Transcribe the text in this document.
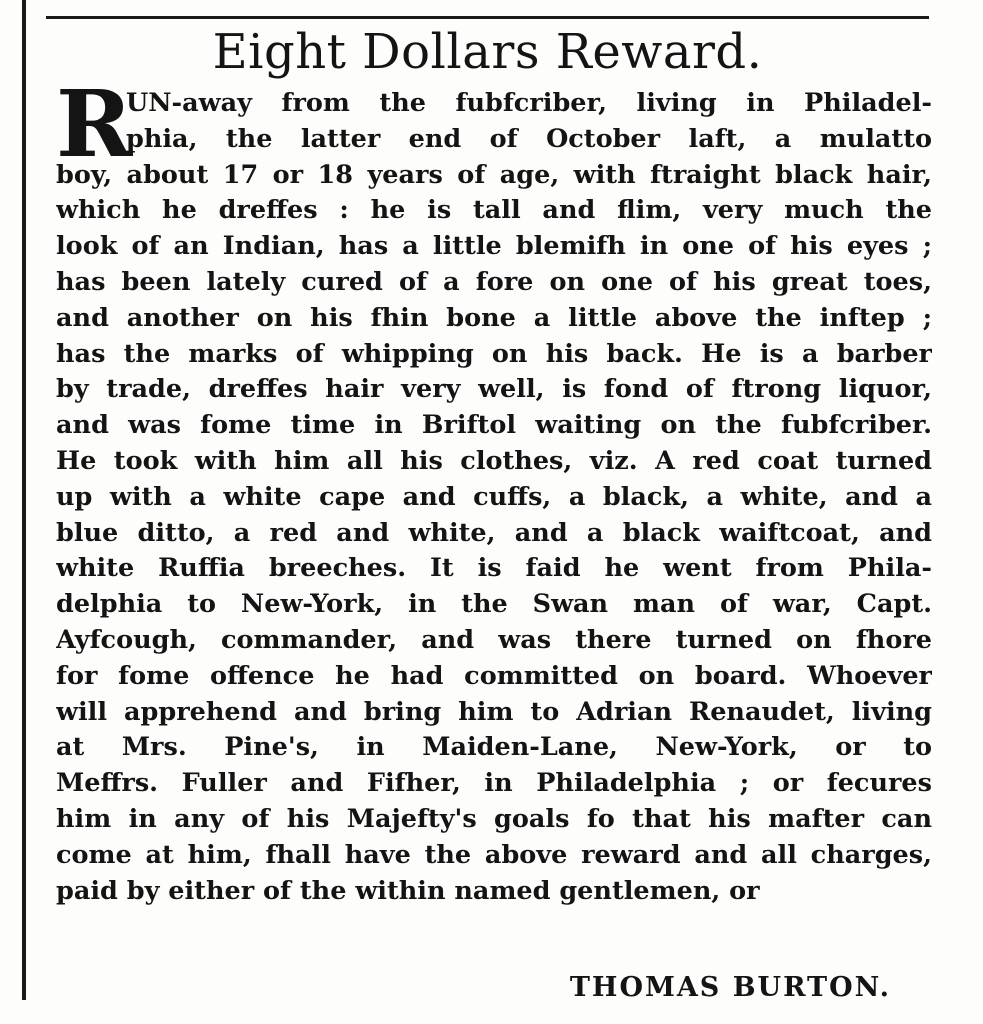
Eight Dollars Reward.
R
UN-away from the fubfcriber, living in Philadel-
phia, the latter end of October laft, a mulatto
boy, about 17 or 18 years of age, with ftraight black hair,
which he dreffes : he is tall and flim, very much the
look of an Indian, has a little blemifh in one of his eyes ;
has been lately cured of a fore on one of his great toes,
and another on his fhin bone a little above the inftep ;
has the marks of whipping on his back. He is a barber
by trade, dreffes hair very well, is fond of ftrong liquor,
and was fome time in Briftol waiting on the fubfcriber.
He took with him all his clothes, viz. A red coat turned
up with a white cape and cuffs, a black, a white, and a
blue ditto, a red and white, and a black waiftcoat, and
white Ruffia breeches. It is faid he went from Phila-
delphia to New-York, in the Swan man of war, Capt.
Ayfcough, commander, and was there turned on fhore
for fome offence he had committed on board. Whoever
will apprehend and bring him to Adrian Renaudet, living
at Mrs. Pine's, in Maiden-Lane, New-York, or to
Meffrs. Fuller and Fifher, in Philadelphia ; or fecures
him in any of his Majefty's goals fo that his mafter can
come at him, fhall have the above reward and all charges,
paid by either of the within named gentlemen, or
THOMAS BURTON.
